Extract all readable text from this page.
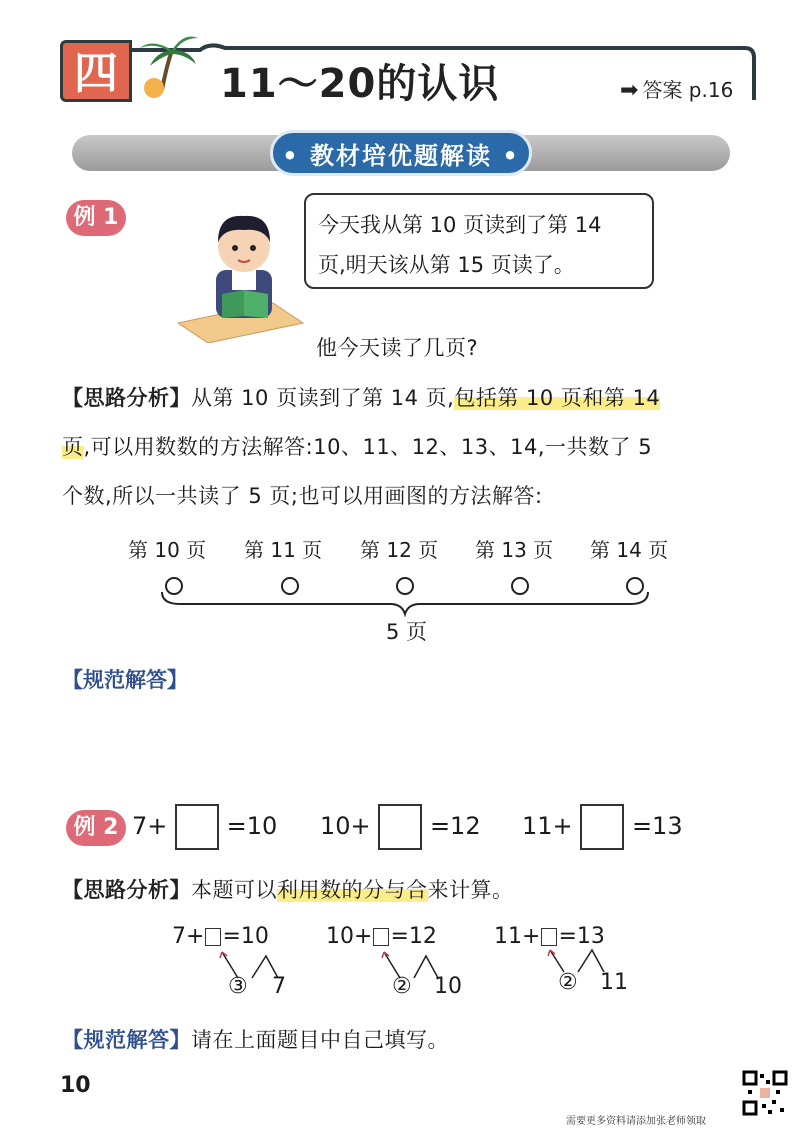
四	11～20的认识	➡ 答案 p.16
• 教材培优题解读 •
例 1	今天我从第 10 页读到了第 14
页,明天该从第 15 页读了。
他今天读了几页?
【思路分析】从第 10 页读到了第 14 页,包括第 10 页和第 14
页,可以用数数的方法解答:10、11、12、13、14,一共数了 5
个数,所以一共读了 5 页;也可以用画图的方法解答:
第 10 页 第 11 页 第 12 页 第 13 页 第 14 页
5 页
【规范解答】
例 2 7+ =10 10+ =12 11+ =13
【思路分析】本题可以利用数的分与合来计算。
7+ =10
③ 7
10+ =12
② 10
11+ =13
② 11
【规范解答】请在上面题目中自己填写。
10
需要更多资料请添加张老师领取
